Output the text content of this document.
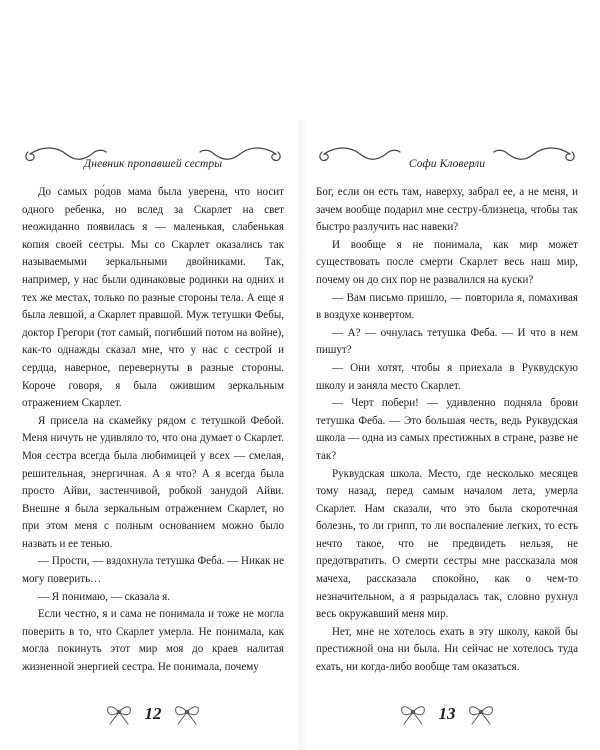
Дневник пропавшей сестры

До самых ро́дов мама была уверена, что носит одного ребенка, но вслед за Скарлет на свет неожиданно появилась я — маленькая, слабенькая копия своей сестры. Мы со Скарлет оказались так называемыми зеркальными двойниками. Так, например, у нас были одинаковые родинки на одних и тех же местах, только по разные стороны тела. А еще я была левшой, а Скарлет правшой. Муж тетушки Фебы, доктор Грегори (тот самый, погибший потом на войне), как-то однажды сказал мне, что у нас с сестрой и сердца, наверное, перевернуты в разные стороны. Короче говоря, я была ожившим зеркальным отражением Скарлет.

Я присела на скамейку рядом с тетушкой Фебой. Меня ничуть не удивляло то, что она думает о Скарлет. Моя сестра всегда была любимицей у всех — смелая, решительная, энергичная. А я что? А я всегда была просто Айви, застенчивой, робкой занудой Айви. Внешне я была зеркальным отражением Скарлет, но при этом меня с полным основанием можно было назвать и ее тенью.

— Прости, — вздохнула тетушка Феба. — Никак не могу поверить…

— Я понимаю, — сказала я.

Если честно, я и сама не понимала и тоже не могла поверить в то, что Скарлет умерла. Не понимала, как могла покинуть этот мир моя до краев налитая жизненной энергией сестра. Не понимала, почему

12
Софи Кловерли

Бог, если он есть там, наверху, забрал ее, а не меня, и зачем вообще подарил мне сестру-близнеца, чтобы так быстро разлучить нас навеки?

И вообще я не понимала, как мир может существовать после смерти Скарлет весь наш мир, почему он до сих пор не развалился на куски?

— Вам письмо пришло, — повторила я, помахивая в воздухе конвертом.

— А? — очнулась тетушка Феба. — И что в нем пишут?

— Они хотят, чтобы я приехала в Руквудскую школу и заняла место Скарлет.

— Черт побери! — удивленно подняла брови тетушка Феба. — Это большая честь, ведь Руквудская школа — одна из самых престижных в стране, разве не так?

Руквудская школа. Место, где несколько месяцев тому назад, перед самым началом лета, умерла Скарлет. Нам сказали, что это была скоротечная болезнь, то ли грипп, то ли воспаление легких, то есть нечто такое, что не предвидеть нельзя, не предотвратить. О смерти сестры мне рассказала моя мачеха, рассказала спокойно, как о чем-то незначительном, а я разрыдалась так, словно рухнул весь окружавший меня мир.

Нет, мне не хотелось ехать в эту школу, какой бы престижной она ни была. Ни сейчас не хотелось туда ехать, ни когда-либо вообще там оказаться.

13
